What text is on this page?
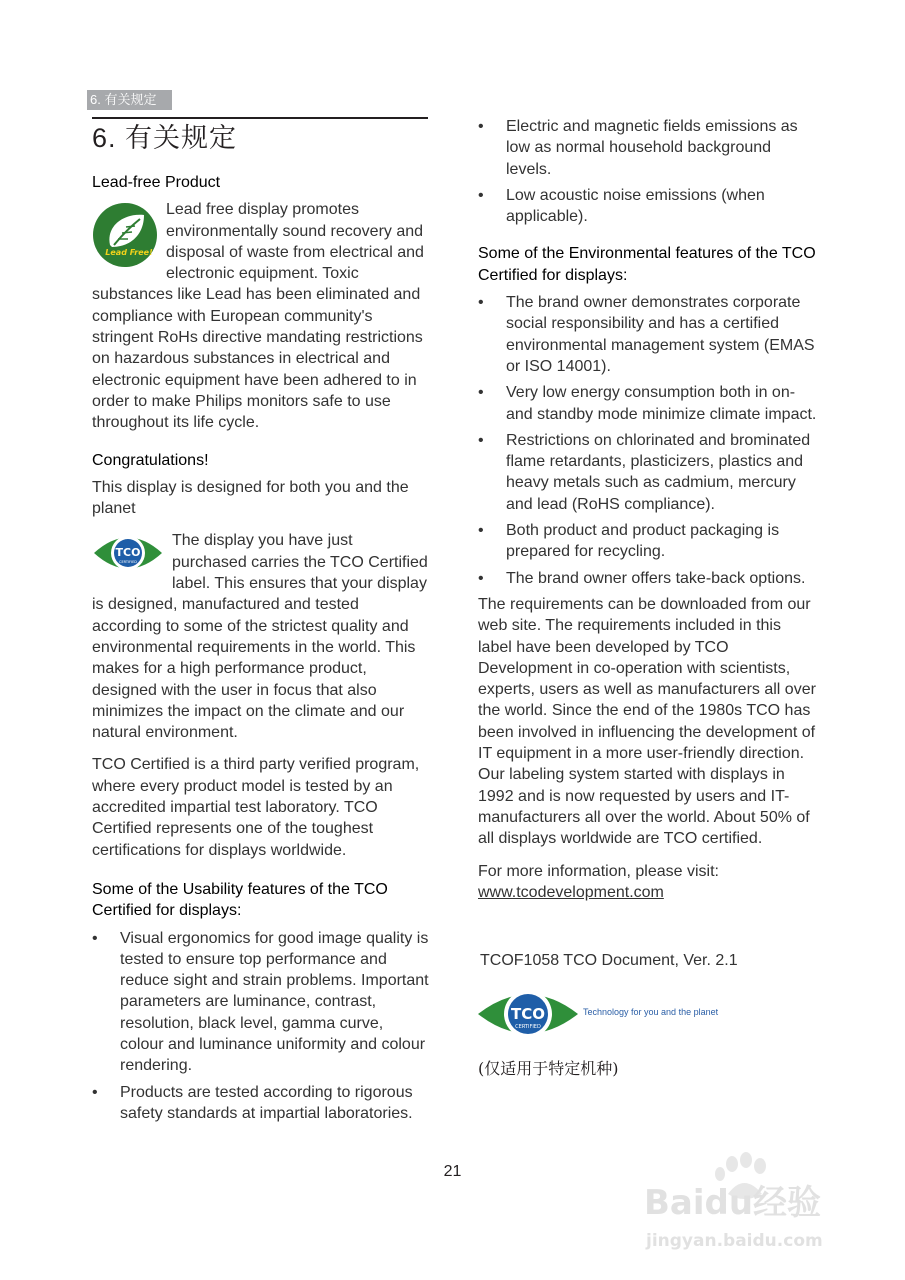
6. 有关规定
6. 有关规定
Lead-free Product
Lead Free!
Lead free display promotes environmentally sound recovery and disposal of waste from electrical and electronic equipment. Toxic substances like Lead has been eliminated and compliance with European community's stringent RoHs directive mandating restrictions on hazardous substances in electrical and electronic equipment have been adhered to in order to make Philips monitors safe to use throughout its life cycle.
Congratulations!

This display is designed for both you and the planet

TCO
CERTIFIED
The display you have just purchased carries the TCO Certified label. This ensures that your display is designed, manufactured and tested according to some of the strictest quality and environmental requirements in the world. This makes for a high performance product, designed with the user in focus that also minimizes the impact on the climate and our natural environment.

TCO Certified is a third party verified program, where every product model is tested by an accredited impartial test laboratory. TCO Certified represents one of the toughest certifications for displays worldwide.

Some of the Usability features of the TCO Certified for displays:
• Visual ergonomics for good image quality is tested to ensure top performance and reduce sight and strain problems. Important parameters are luminance, contrast, resolution, black level, gamma curve, colour and luminance uniformity and colour rendering.
• Products are tested according to rigorous safety standards at impartial laboratories.
• Electric and magnetic fields emissions as low as normal household background levels.
• Low acoustic noise emissions (when applicable).
Some of the Environmental features of the TCO Certified for displays:
• The brand owner demonstrates corporate social responsibility and has a certified environmental management system (EMAS or ISO 14001).
• Very low energy consumption both in on- and standby mode minimize climate impact.
• Restrictions on chlorinated and brominated flame retardants, plasticizers, plastics and heavy metals such as cadmium, mercury and lead (RoHS compliance).
• Both product and product packaging is prepared for recycling.
• The brand owner offers take-back options.

The requirements can be downloaded from our web site. The requirements included in this label have been developed by TCO Development in co-operation with scientists, experts, users as well as manufacturers all over the world. Since the end of the 1980s TCO has been involved in influencing the development of IT equipment in a more user-friendly direction. Our labeling system started with displays in 1992 and is now requested by users and IT-manufacturers all over the world. About 50% of all displays worldwide are TCO certified.

For more information, please visit:
www.tcodevelopment.com
TCOF1058 TCO Document, Ver. 2.1
TCO
CERTIFIED
Technology for you and the planet
(仅适用于特定机种)
21
Baidu经验
jingyan.baidu.com
